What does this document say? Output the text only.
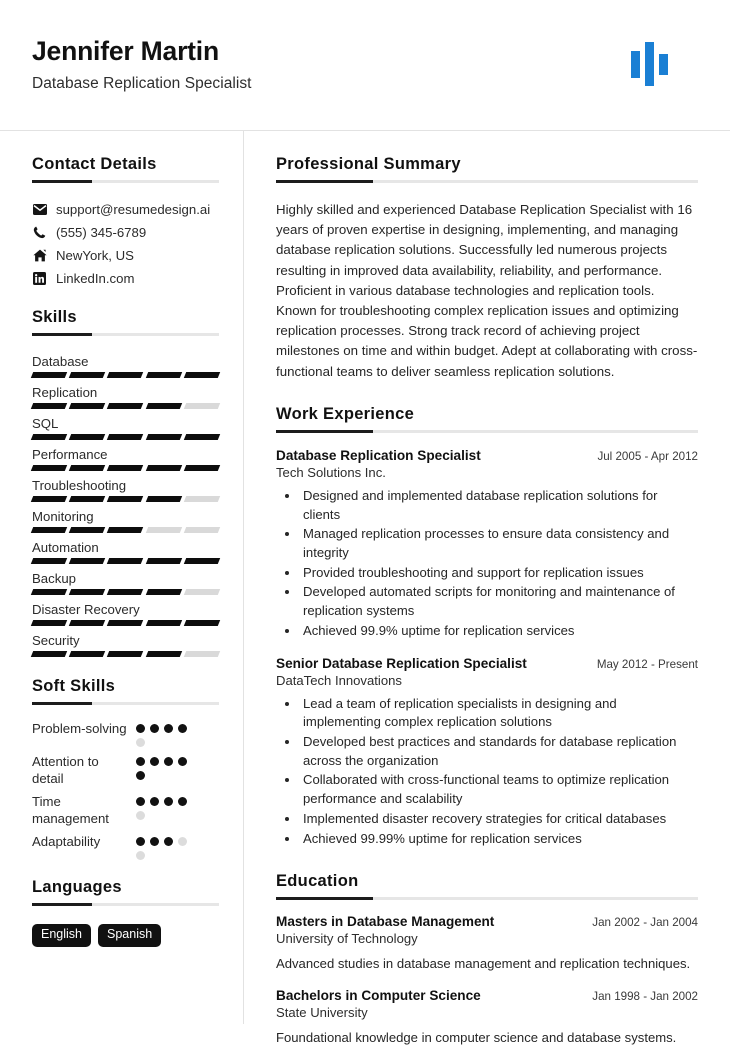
Jennifer Martin
Database Replication Specialist
Contact Details
support@resumedesign.ai
(555) 345-6789
NewYork, US
LinkedIn.com
Skills
Database
Replication
SQL
Performance
Troubleshooting
Monitoring
Automation
Backup
Disaster Recovery
Security
Soft Skills
Problem-solving
Attention to detail
Time management
Adaptability
Languages
English	Spanish
Professional Summary

Highly skilled and experienced Database Replication Specialist with 16 years of proven expertise in designing, implementing, and managing database replication solutions. Successfully led numerous projects resulting in improved data availability, reliability, and performance. Proficient in various database technologies and replication tools. Known for troubleshooting complex replication issues and optimizing replication processes. Strong track record of achieving project milestones on time and within budget. Adept at collaborating with cross-functional teams to deliver seamless replication solutions.

Work Experience
Database Replication Specialist	Jul 2005 - Apr 2012
Tech Solutions Inc.
• Designed and implemented database replication solutions for clients
• Managed replication processes to ensure data consistency and integrity
• Provided troubleshooting and support for replication issues
• Developed automated scripts for monitoring and maintenance of replication systems
• Achieved 99.9% uptime for replication services
Senior Database Replication Specialist	May 2012 - Present
DataTech Innovations
• Lead a team of replication specialists in designing and implementing complex replication solutions
• Developed best practices and standards for database replication across the organization
• Collaborated with cross-functional teams to optimize replication performance and scalability
• Implemented disaster recovery strategies for critical databases
• Achieved 99.99% uptime for replication services
Education
Masters in Database Management	Jan 2002 - Jan 2004
University of Technology
Advanced studies in database management and replication techniques.
Bachelors in Computer Science	Jan 1998 - Jan 2002
State University
Foundational knowledge in computer science and database systems.
